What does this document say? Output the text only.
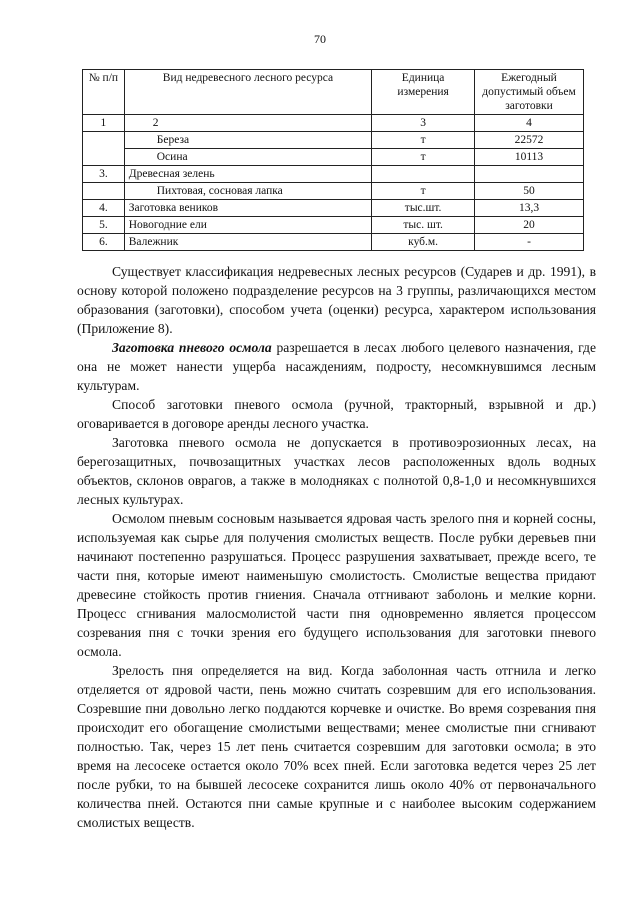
70
№ п/п	Вид недревесного лесного ресурса	Единица измерения	Ежегодный допустимый объем заготовки
1	2	3	4
	Береза	т	22572
	Осина	т	10113
3.	Древесная зелень		
	Пихтовая, сосновая лапка	т	50
4.	Заготовка веников	тыс.шт.	13,3
5.	Новогодние ели	тыс. шт.	20
6.	Валежник	куб.м.	-

Существует классификация недревесных лесных ресурсов (Сударев и др. 1991), в основу которой положено подразделение ресурсов на 3 группы, различающихся местом образования (заготовки), способом учета (оценки) ресурса, характером использования (Приложение 8).

Заготовка пневого осмола разрешается в лесах любого целевого назначения, где она не может нанести ущерба насаждениям, подросту, несомкнувшимся лесным культурам.

Способ заготовки пневого осмола (ручной, тракторный, взрывной и др.) оговаривается в договоре аренды лесного участка.

Заготовка пневого осмола не допускается в противоэрозионных лесах, на берегозащитных, почвозащитных участках лесов расположенных вдоль водных объектов, склонов оврагов, а также в молодняках с полнотой 0,8-1,0 и несомкнувшихся лесных культурах.

Осмолом пневым сосновым называется ядровая часть зрелого пня и корней сосны, используемая как сырье для получения смолистых веществ. После рубки деревьев пни начинают постепенно разрушаться. Процесс разрушения захватывает, прежде всего, те части пня, которые имеют наименьшую смолистость. Смолистые вещества придают древесине стойкость против гниения. Сначала отгнивают заболонь и мелкие корни. Процесс сгнивания малосмолистой части пня одновременно является процессом созревания пня с точки зрения его будущего использования для заготовки пневого осмола.

Зрелость пня определяется на вид. Когда заболонная часть отгнила и легко отделяется от ядровой части, пень можно считать созревшим для его использования. Созревшие пни довольно легко поддаются корчевке и очистке. Во время созревания пня происходит его обогащение смолистыми веществами; менее смолистые пни сгнивают полностью. Так, через 15 лет пень считается созревшим для заготовки осмола; в это время на лесосеке остается около 70% всех пней. Если заготовка ведется через 25 лет после рубки, то на бывшей лесосеке сохранится лишь около 40% от первоначального количества пней. Остаются пни самые крупные и с наиболее высоким содержанием смолистых веществ.
